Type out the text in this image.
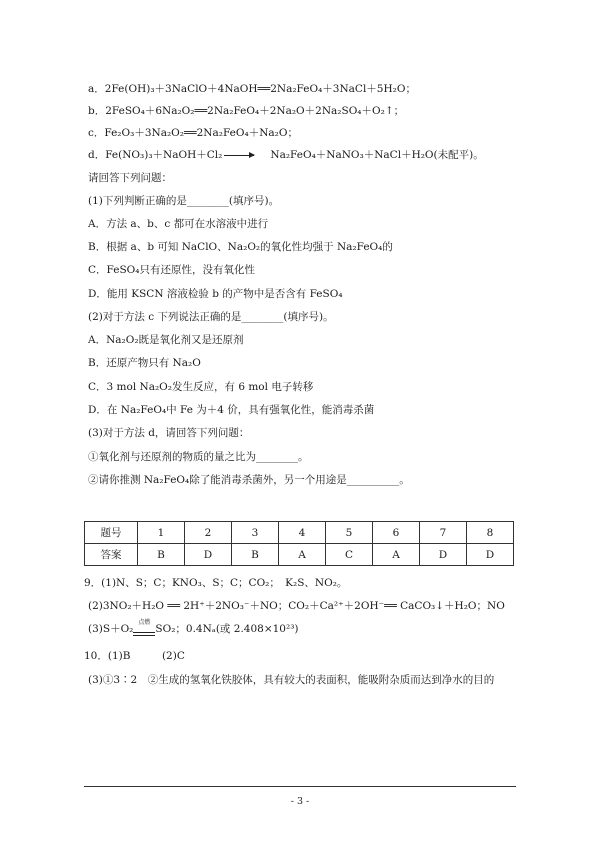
a．2Fe(OH)₃＋3NaClO＋4NaOH══2Na₂FeO₄＋3NaCl＋5H₂O；
b．2FeSO₄＋6Na₂O₂══2Na₂FeO₄＋2Na₂O＋2Na₂SO₄＋O₂↑；
c．Fe₂O₃＋3Na₂O₂══2Na₂FeO₄＋Na₂O；
d．Fe(NO₃)₃＋NaOH＋Cl₂	Na₂FeO₄＋NaNO₃＋NaCl＋H₂O(未配平)。
请回答下列问题：
(1)下列判断正确的是________(填序号)。
A．方法 a、b、c 都可在水溶液中进行
B．根据 a、b 可知 NaClO、Na₂O₂的氧化性均强于 Na₂FeO₄的
C．FeSO₄只有还原性，没有氧化性
D．能用 KSCN 溶液检验 b 的产物中是否含有 FeSO₄
(2)对于方法 c 下列说法正确的是________(填序号)。
A．Na₂O₂既是氧化剂又是还原剂
B．还原产物只有 Na₂O
C．3 mol Na₂O₂发生反应，有 6 mol 电子转移
D．在 Na₂FeO₄中 Fe 为＋4 价，具有强氧化性，能消毒杀菌
(3)对于方法 d，请回答下列问题：
①氧化剂与还原剂的物质的量之比为________。
②请你推测 Na₂FeO₄除了能消毒杀菌外，另一个用途是__________。
题号	1	2	3	4	5	6	7	8
答案	B	D	B	A	C	A	D	D
9．(1)N、S；C；KNO₃、S；C；CO₂；　K₂S、NO₂。
(2)3NO₂＋H₂O ══ 2H⁺＋2NO₃⁻＋NO；CO₂＋Ca²⁺＋2OH⁻══ CaCO₃↓＋H₂O；NO
(3)S＋O₂
点燃
SO₂；0.4Nₐ(或 2.408×10²³)
10．(1)B　　　(2)C
(3)①3∶2　②生成的氢氧化铁胶体，具有较大的表面积，能吸附杂质而达到净水的目的
- 3 -
